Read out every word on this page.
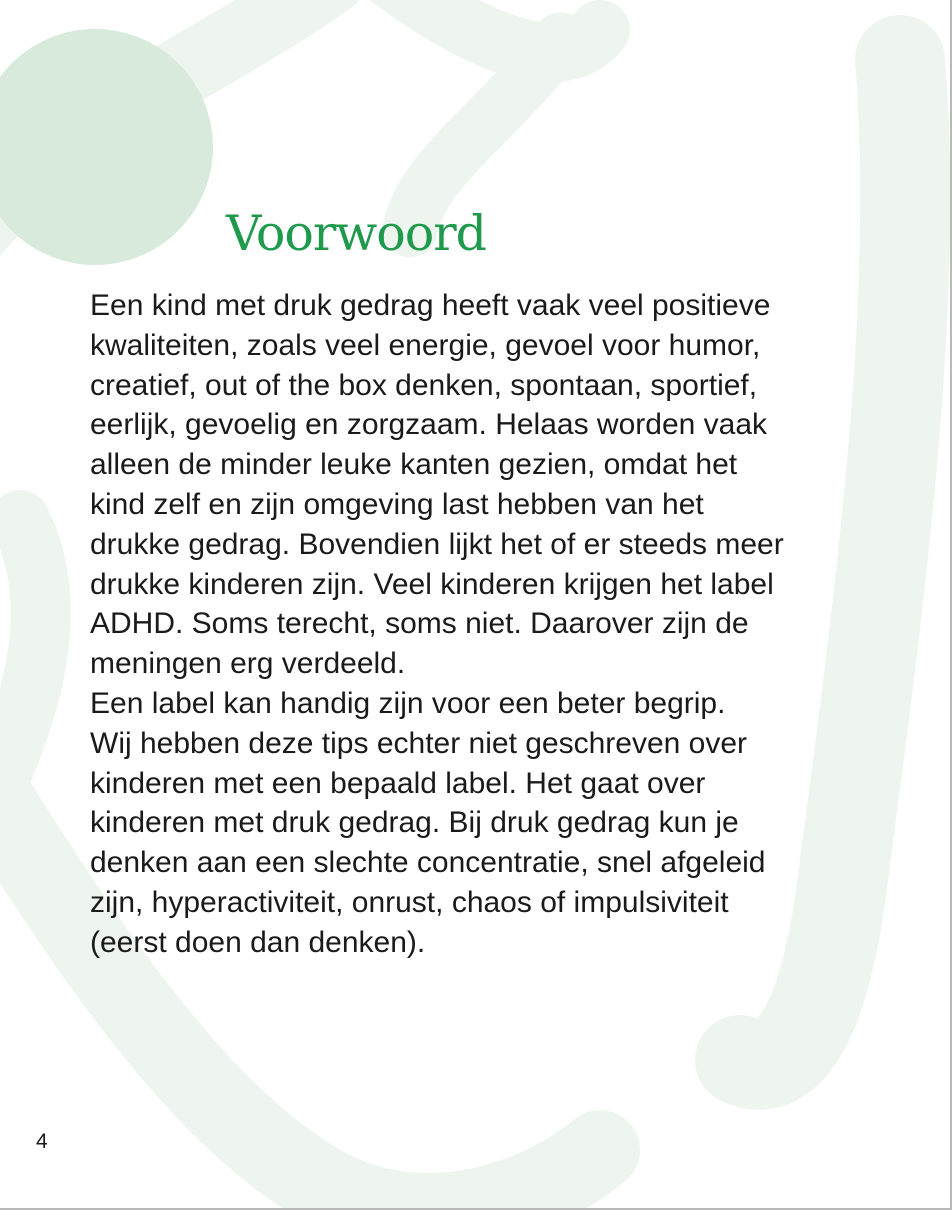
Voorwoord

Een kind met druk gedrag heeft vaak veel positieve
kwaliteiten, zoals veel energie, gevoel voor humor,
creatief, out of the box denken, spontaan, sportief,
eerlijk, gevoelig en zorgzaam. Helaas worden vaak
alleen de minder leuke kanten gezien, omdat het
kind zelf en zijn omgeving last hebben van het
drukke gedrag. Bovendien lijkt het of er steeds meer
drukke kinderen zijn. Veel kinderen krijgen het label
ADHD. Soms terecht, soms niet. Daarover zijn de
meningen erg verdeeld.
Een label kan handig zijn voor een beter begrip.
Wij hebben deze tips echter niet geschreven over
kinderen met een bepaald label. Het gaat over
kinderen met druk gedrag. Bij druk gedrag kun je
denken aan een slechte concentratie, snel afgeleid
zijn, hyperactiviteit, onrust, chaos of impulsiviteit
(eerst doen dan denken).

4
